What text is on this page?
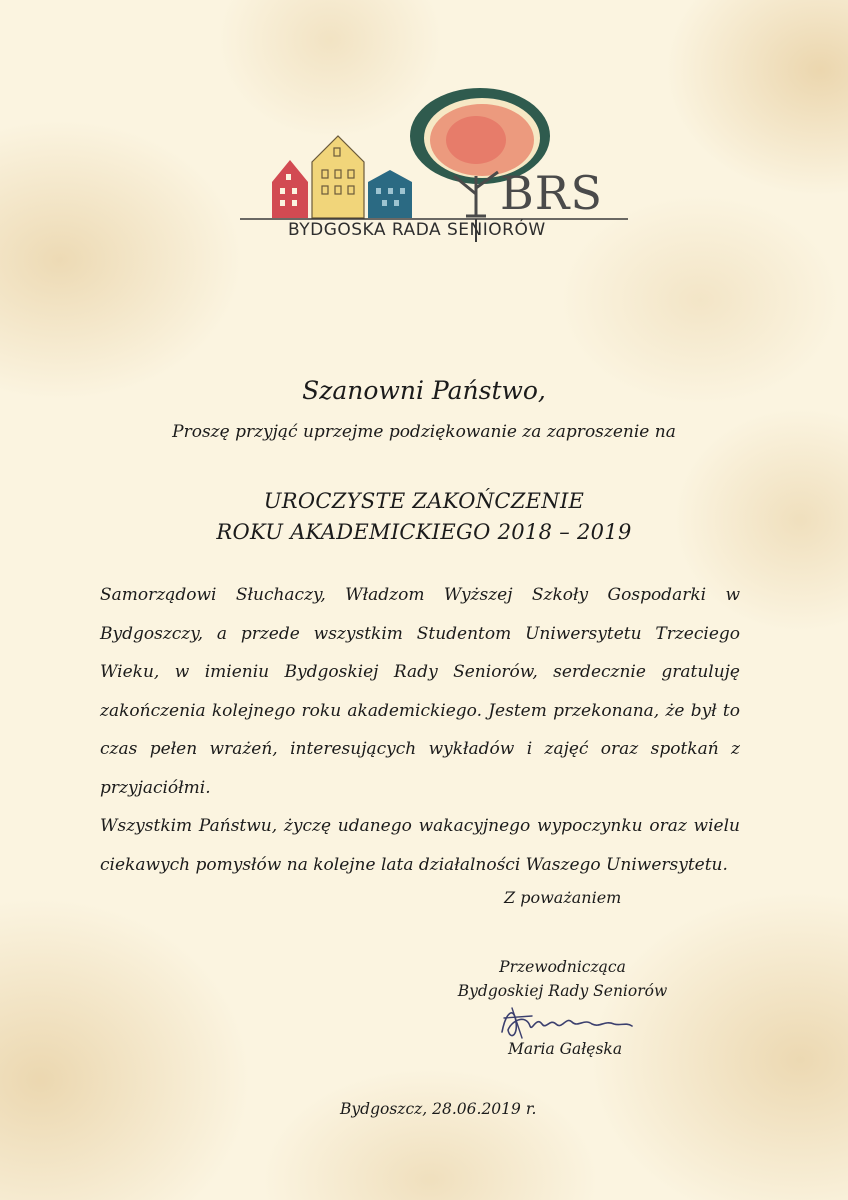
BRS
BYDGOSKA RADA SENIORÓW
Szanowni Państwo,
Proszę przyjąć uprzejme podziękowanie za zaproszenie na
UROCZYSTE ZAKOŃCZENIE
ROKU AKADEMICKIEGO 2018 – 2019

Samorządowi Słuchaczy, Władzom Wyższej Szkoły Gospodarki w Bydgoszczy, a przede wszystkim Studentom Uniwersytetu Trzeciego Wieku, w imieniu Bydgoskiej Rady Seniorów, serdecznie gratuluję zakończenia kolejnego roku akademickiego. Jestem przekonana, że był to czas pełen wrażeń, interesujących wykładów i zajęć oraz spotkań z przyjaciółmi.

Wszystkim Państwu, życzę udanego wakacyjnego wypoczynku oraz wielu ciekawych pomysłów na kolejne lata działalności Waszego Uniwersytetu.

Z poważaniem
Przewodnicząca
Bydgoskiej Rady Seniorów
Maria Gałęska
Bydgoszcz, 28.06.2019 r.
